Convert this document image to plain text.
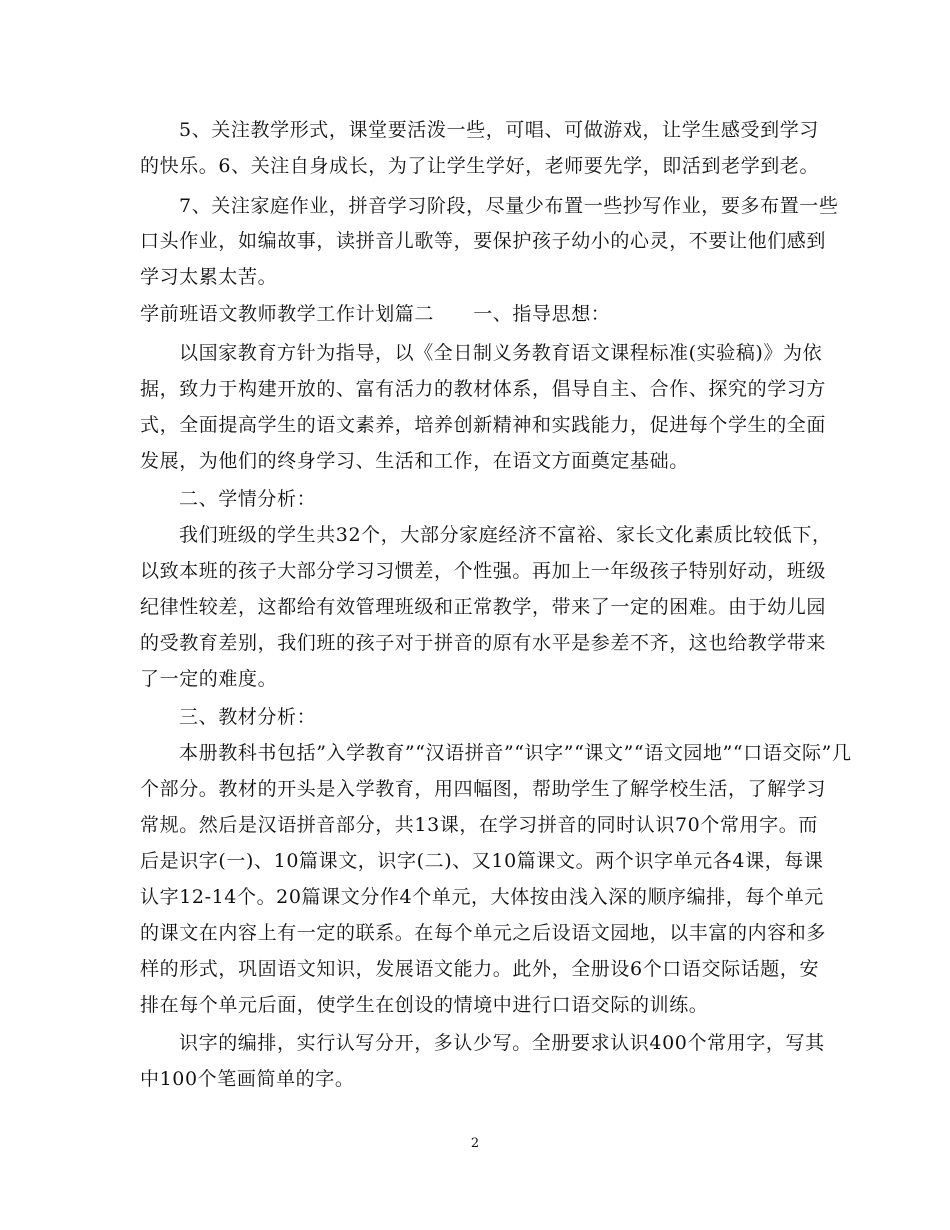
5、关注教学形式，课堂要活泼一些，可唱、可做游戏，让学生感受到学习
的快乐。6、关注自身成长，为了让学生学好，老师要先学，即活到老学到老。
7、关注家庭作业，拼音学习阶段，尽量少布置一些抄写作业，要多布置一些
口头作业，如编故事，读拼音儿歌等，要保护孩子幼小的心灵，不要让他们感到
学习太累太苦。
学前班语文教师教学工作计划篇二　　一、指导思想：
以国家教育方针为指导，以《全日制义务教育语文课程标准(实验稿)》为依
据，致力于构建开放的、富有活力的教材体系，倡导自主、合作、探究的学习方
式，全面提高学生的语文素养，培养创新精神和实践能力，促进每个学生的全面
发展，为他们的终身学习、生活和工作，在语文方面奠定基础。
二、学情分析：
我们班级的学生共32个，大部分家庭经济不富裕、家长文化素质比较低下，
以致本班的孩子大部分学习习惯差，个性强。再加上一年级孩子特别好动，班级
纪律性较差，这都给有效管理班级和正常教学，带来了一定的困难。由于幼儿园
的受教育差别，我们班的孩子对于拼音的原有水平是参差不齐，这也给教学带来
了一定的难度。
三、教材分析：
本册教科书包括”入学教育”“汉语拼音”“识字”“课文”“语文园地”“口语交际”几
个部分。教材的开头是入学教育，用四幅图，帮助学生了解学校生活，了解学习
常规。然后是汉语拼音部分，共13课，在学习拼音的同时认识70个常用字。而
后是识字(一)、10篇课文，识字(二)、又10篇课文。两个识字单元各4课，每课
认字12-14个。20篇课文分作4个单元，大体按由浅入深的顺序编排，每个单元
的课文在内容上有一定的联系。在每个单元之后设语文园地，以丰富的内容和多
样的形式，巩固语文知识，发展语文能力。此外，全册设6个口语交际话题，安
排在每个单元后面，使学生在创设的情境中进行口语交际的训练。
识字的编排，实行认写分开，多认少写。全册要求认识400个常用字，写其
中100个笔画简单的字。
2
